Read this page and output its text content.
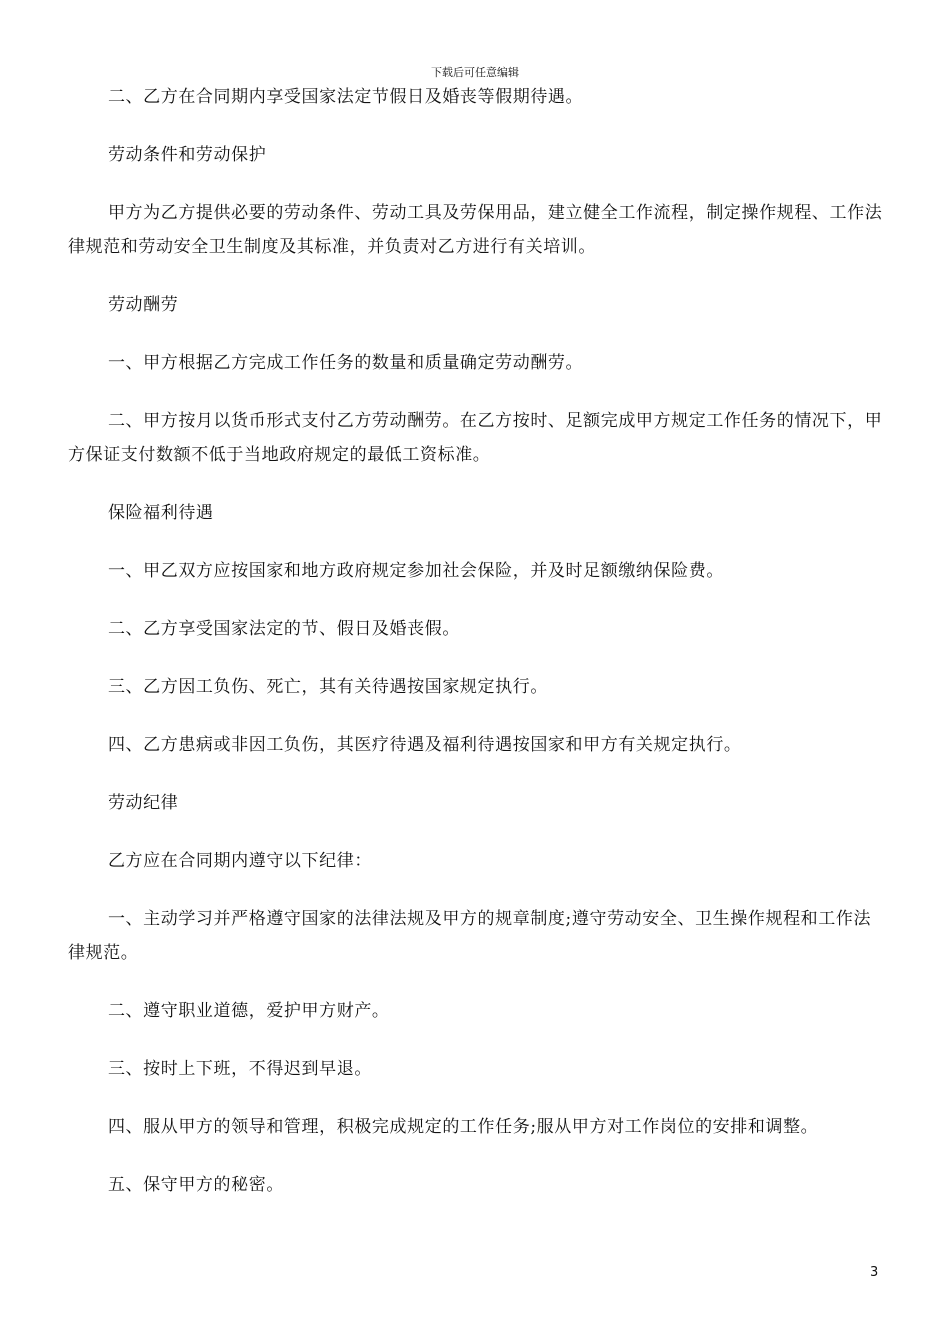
下载后可任意编辑

二、乙方在合同期内享受国家法定节假日及婚丧等假期待遇。

劳动条件和劳动保护

甲方为乙方提供必要的劳动条件、劳动工具及劳保用品，建立健全工作流程，制定操作规程、工作法律规范和劳动安全卫生制度及其标准，并负责对乙方进行有关培训。

劳动酬劳

一、甲方根据乙方完成工作任务的数量和质量确定劳动酬劳。

二、甲方按月以货币形式支付乙方劳动酬劳。在乙方按时、足额完成甲方规定工作任务的情况下，甲方保证支付数额不低于当地政府规定的最低工资标准。

保险福利待遇

一、甲乙双方应按国家和地方政府规定参加社会保险，并及时足额缴纳保险费。

二、乙方享受国家法定的节、假日及婚丧假。

三、乙方因工负伤、死亡，其有关待遇按国家规定执行。

四、乙方患病或非因工负伤，其医疗待遇及福利待遇按国家和甲方有关规定执行。

劳动纪律

乙方应在合同期内遵守以下纪律：

一、主动学习并严格遵守国家的法律法规及甲方的规章制度;遵守劳动安全、卫生操作规程和工作法律规范。

二、遵守职业道德，爱护甲方财产。

三、按时上下班，不得迟到早退。

四、服从甲方的领导和管理，积极完成规定的工作任务;服从甲方对工作岗位的安排和调整。

五、保守甲方的秘密。

3
